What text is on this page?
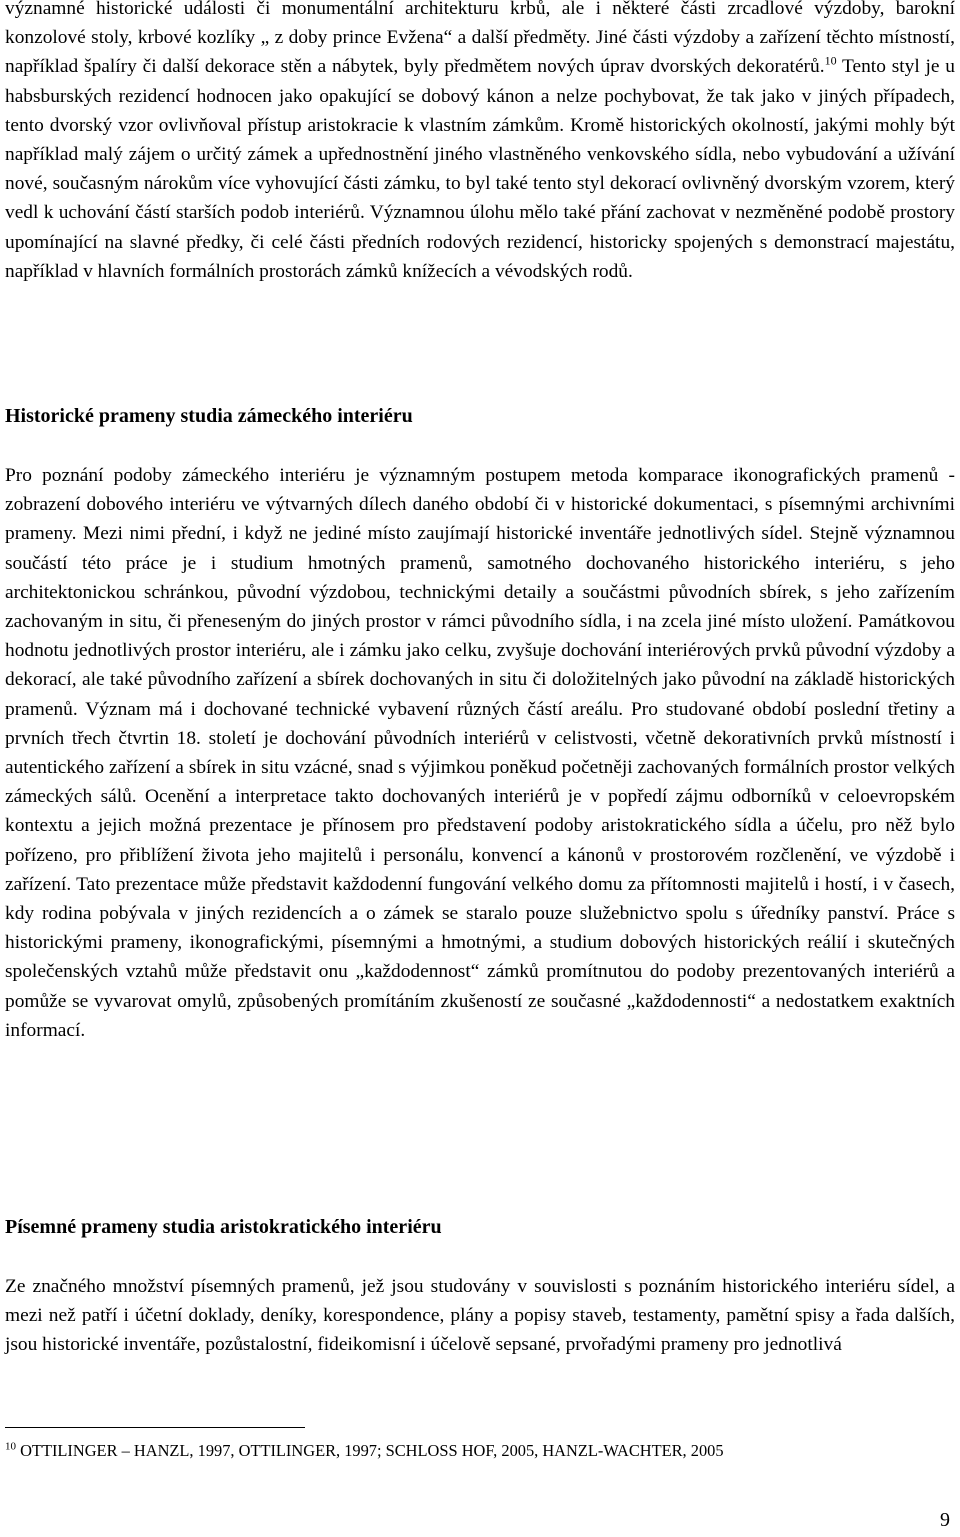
významné historické události či monumentální architekturu krbů, ale i některé části zrcadlové výzdoby, barokní konzolové stoly, krbové kozlíky „ z doby prince Evžena“ a další předměty. Jiné části výzdoby a zařízení těchto místností, například špalíry či další dekorace stěn a nábytek, byly předmětem nových úprav dvorských dekoratérů.$^{10}$ Tento styl je u habsburských rezidencí hodnocen jako opakující se dobový kánon a nelze pochybovat, že tak jako v jiných případech, tento dvorský vzor ovlivňoval přístup aristokracie k vlastním zámkům. Kromě historických okolností, jakými mohly být například malý zájem o určitý zámek a upřednostnění jiného vlastněného venkovského sídla, nebo vybudování a užívání nové, současným nárokům více vyhovující části zámku, to byl také tento styl dekorací ovlivněný dvorským vzorem, který vedl k uchování částí starších podob interiérů. Významnou úlohu mělo také přání zachovat v nezměněné podobě prostory upomínající na slavné předky, či celé části předních rodových rezidencí, historicky spojených s demonstrací majestátu, například v hlavních formálních prostorách zámků knížecích a vévodských rodů.

Historické prameny studia zámeckého interiéru

Pro poznání podoby zámeckého interiéru je významným postupem metoda komparace ikonografických pramenů - zobrazení dobového interiéru ve výtvarných dílech daného období či v historické dokumentaci, s písemnými archivními prameny. Mezi nimi přední, i když ne jediné místo zaujímají historické inventáře jednotlivých sídel. Stejně významnou součástí této práce je i studium hmotných pramenů, samotného dochovaného historického interiéru, s jeho architektonickou schránkou, původní výzdobou, technickými detaily a součástmi původních sbírek, s jeho zařízením zachovaným in situ, či přeneseným do jiných prostor v rámci původního sídla, i na zcela jiné místo uložení. Památkovou hodnotu jednotlivých prostor interiéru, ale i zámku jako celku, zvyšuje dochování interiérových prvků původní výzdoby a dekorací, ale také původního zařízení a sbírek dochovaných in situ či doložitelných jako původní na základě historických pramenů. Význam má i dochované technické vybavení různých částí areálu. Pro studované období poslední třetiny a prvních třech čtvrtin 18. století je dochování původních interiérů v celistvosti, včetně dekorativních prvků místností i autentického zařízení a sbírek in situ vzácné, snad s výjimkou poněkud početněji zachovaných formálních prostor velkých zámeckých sálů. Ocenění a interpretace takto dochovaných interiérů je v popředí zájmu odborníků v celoevropském kontextu a jejich možná prezentace je přínosem pro představení podoby aristokratického sídla a účelu, pro něž bylo pořízeno, pro přiblížení života jeho majitelů i personálu, konvencí a kánonů v prostorovém rozčlenění, ve výzdobě i zařízení. Tato prezentace může představit každodenní fungování velkého domu za přítomnosti majitelů i hostí, i v časech, kdy rodina pobývala v jiných rezidencích a o zámek se staralo pouze služebnictvo spolu s úředníky panství. Práce s historickými prameny, ikonografickými, písemnými a hmotnými, a studium dobových historických reálií i skutečných společenských vztahů může představit onu „každodennost“ zámků promítnutou do podoby prezentovaných interiérů a pomůže se vyvarovat omylů, způsobených promítáním zkušeností ze současné „každodennosti“ a nedostatkem exaktních informací.

Písemné prameny studia aristokratického interiéru

Ze značného množství písemných pramenů, jež jsou studovány v souvislosti s poznáním historického interiéru sídel, a mezi než patří i účetní doklady, deníky, korespondence, plány a popisy staveb, testamenty, pamětní spisy a řada dalších, jsou historické inventáře, pozůstalostní, fideikomisní i účelově sepsané, prvořadými prameny pro jednotlivá

$^{10}$ OTTILINGER – HANZL, 1997, OTTILINGER, 1997; SCHLOSS HOF, 2005, HANZL-WACHTER, 2005

9
